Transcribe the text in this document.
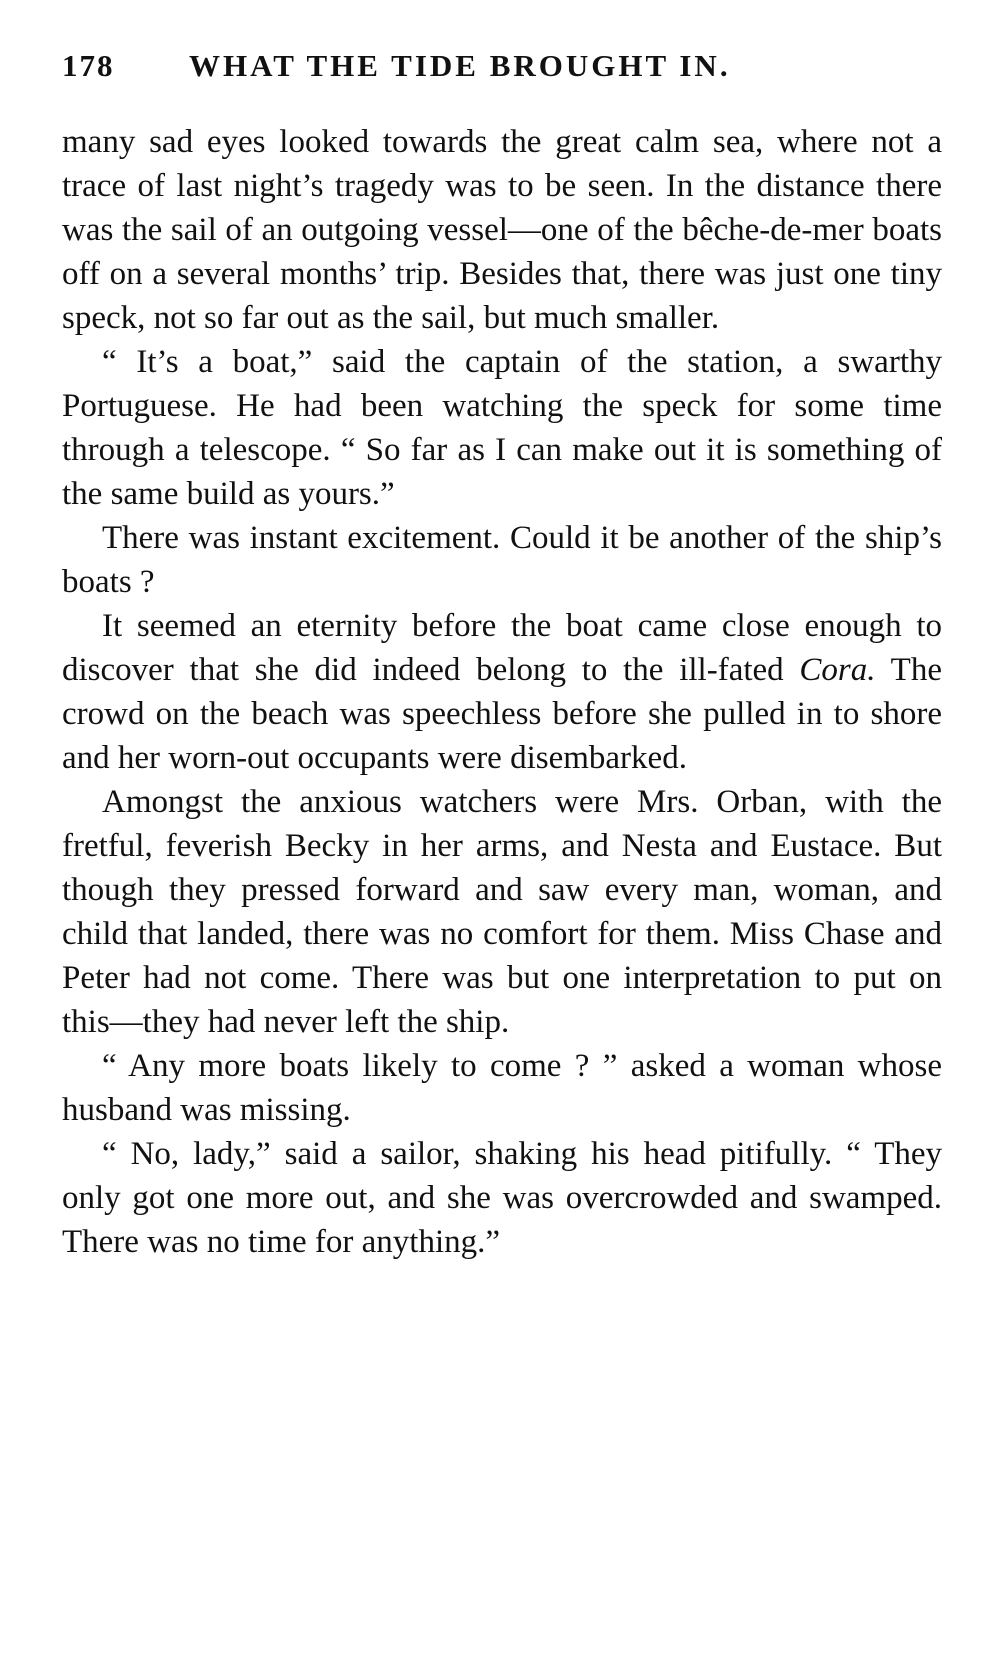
178 WHAT THE TIDE BROUGHT IN.

many sad eyes looked towards the great calm sea, where not a trace of last night’s tragedy was to be seen. In the distance there was the sail of an outgoing vessel—one of the bêche-de-mer boats off on a several months’ trip. Besides that, there was just one tiny speck, not so far out as the sail, but much smaller.

“ It’s a boat,” said the captain of the station, a swarthy Portuguese. He had been watching the speck for some time through a telescope. “ So far as I can make out it is something of the same build as yours.”

There was instant excitement. Could it be another of the ship’s boats ?

It seemed an eternity before the boat came close enough to discover that she did indeed belong to the ill-fated Cora. The crowd on the beach was speechless before she pulled in to shore and her worn-out occupants were disembarked.

Amongst the anxious watchers were Mrs. Orban, with the fretful, feverish Becky in her arms, and Nesta and Eustace. But though they pressed forward and saw every man, woman, and child that landed, there was no comfort for them. Miss Chase and Peter had not come. There was but one interpretation to put on this—they had never left the ship.

“ Any more boats likely to come ? ” asked a woman whose husband was missing.

“ No, lady,” said a sailor, shaking his head pitifully. “ They only got one more out, and she was overcrowded and swamped. There was no time for anything.”
